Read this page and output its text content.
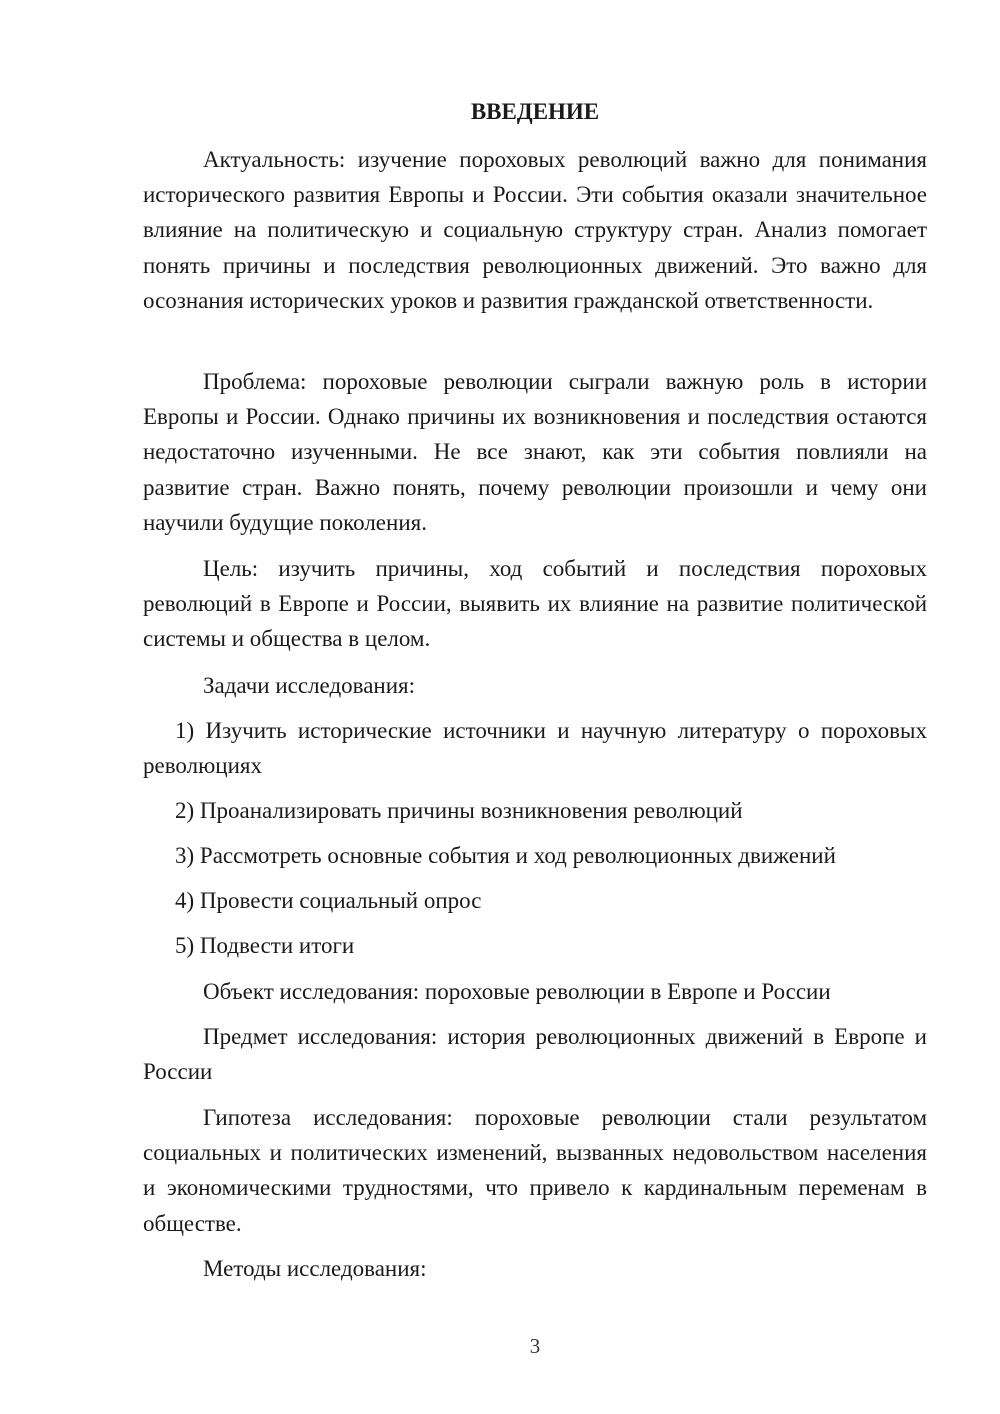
ВВЕДЕНИЕ

Актуальность: изучение пороховых революций важно для понимания исторического развития Европы и России. Эти события оказали значительное влияние на политическую и социальную структуру стран. Анализ помогает понять причины и последствия революционных движений. Это важно для осознания исторических уроков и развития гражданской ответственности.

Проблема: пороховые революции сыграли важную роль в истории Европы и России. Однако причины их возникновения и последствия остаются недостаточно изученными. Не все знают, как эти события повлияли на развитие стран. Важно понять, почему революции произошли и чему они научили будущие поколения.

Цель: изучить причины, ход событий и последствия пороховых революций в Европе и России, выявить их влияние на развитие политической системы и общества в целом.

Задачи исследования:

1) Изучить исторические источники и научную литературу о пороховых революциях

2) Проанализировать причины возникновения революций

3) Рассмотреть основные события и ход революционных движений

4) Провести социальный опрос

5) Подвести итоги

Объект исследования: пороховые революции в Европе и России

Предмет исследования: история революционных движений в Европе и России

Гипотеза исследования: пороховые революции стали результатом социальных и политических изменений, вызванных недовольством населения и экономическими трудностями, что привело к кардинальным переменам в обществе.

Методы исследования:

3
